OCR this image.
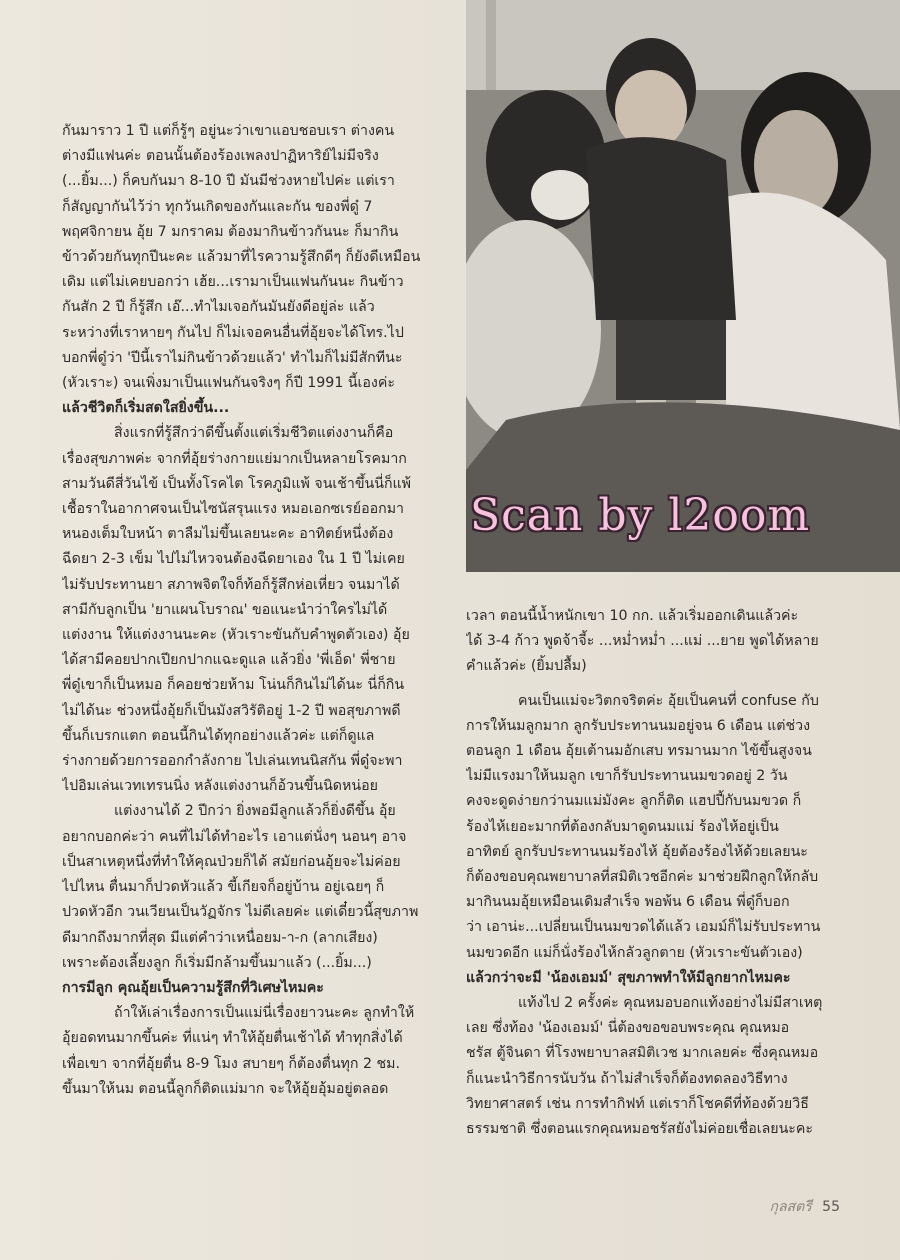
กันมาราว 1 ปี แต่ก็รู้ๆ อยู่นะว่าเขาแอบชอบเรา ต่างคน
ต่างมีแฟนค่ะ ตอนนั้นต้องร้องเพลงปาฏิหาริย์ไม่มีจริง
(...ยิ้ม...) ก็คบกันมา 8-10 ปี มันมีช่วงหายไปค่ะ แต่เรา
ก็สัญญากันไว้ว่า ทุกวันเกิดของกันและกัน ของพี่ดู๋ 7
พฤศจิกายน อุ้ย 7 มกราคม ต้องมากินข้าวกันนะ ก็มากิน
ข้าวด้วยกันทุกปีนะคะ แล้วมาที่ไรความรู้สึกดีๆ ก็ยังดีเหมือน
เดิม แต่ไม่เคยบอกว่า เฮ้ย...เรามาเป็นแฟนกันนะ กินข้าว
กันสัก 2 ปี ก็รู้สึก เอ๊...ทำไมเจอกันมันยังดีอยู่ล่ะ แล้ว
ระหว่างที่เราหายๆ กันไป ก็ไม่เจอคนอื่นที่อุ้ยจะได้โทร.ไป
บอกพี่ดู๋ว่า 'ปีนี้เราไม่กินข้าวด้วยแล้ว' ทำไมก็ไม่มีสักทีนะ
(หัวเราะ) จนเพิ่งมาเป็นแฟนกันจริงๆ ก็ปี 1991 นี้เองค่ะ

แล้วชีวิตก็เริ่มสดใสยิ่งขึ้น...

สิ่งแรกที่รู้สึกว่าดีขึ้นตั้งแต่เริ่มชีวิตแต่งงานก็คือ
เรื่องสุขภาพค่ะ จากที่อุ้ยร่างกายแย่มากเป็นหลายโรคมาก
สามวันดีสี่วันไข้ เป็นทั้งโรคไต โรคภูมิแพ้ จนเช้าขึ้นนี่ก็แพ้
เชื้อราในอากาศจนเป็นไซนัสรุนแรง หมอเอกซเรย์ออกมา
หนองเต็มใบหน้า ตาลืมไม่ขึ้นเลยนะคะ อาทิตย์หนึ่งต้อง
ฉีดยา 2-3 เข็ม ไปไม่ไหวจนต้องฉีดยาเอง ใน 1 ปี ไม่เคย
ไม่รับประทานยา สภาพจิตใจก็ท้อก็รู้สึกห่อเหี่ยว จนมาได้
สามีกับลูกเป็น 'ยาแผนโบราณ' ขอแนะนำว่าใครไม่ได้
แต่งงาน ให้แต่งงานนะคะ (หัวเราะขันกับคำพูดตัวเอง) อุ้ย
ได้สามีคอยปากเปียกปากแฉะดูแล แล้วยิ่ง 'พี่เอ็ด' พี่ชาย
พี่ดู๋เขาก็เป็นหมอ ก็คอยช่วยห้าม โน่นก็กินไม่ได้นะ นี่ก็กิน
ไม่ได้นะ ช่วงหนึ่งอุ้ยก็เป็นมังสวิรัติอยู่ 1-2 ปี พอสุขภาพดี
ขึ้นก็เบรกแตก ตอนนี้กินได้ทุกอย่างแล้วค่ะ แต่ก็ดูแล
ร่างกายด้วยการออกกำลังกาย ไปเล่นเทนนิสกัน พี่ดู๋จะพา
ไปอิมเล่นเวทเทรนนิ่ง หลังแต่งงานก็อ้วนขึ้นนิดหน่อย

แต่งงานได้ 2 ปีกว่า ยิ่งพอมีลูกแล้วก็ยิ่งดีขึ้น อุ้ย
อยากบอกค่ะว่า คนที่ไม่ได้ทำอะไร เอาแต่นั่งๆ นอนๆ อาจ
เป็นสาเหตุหนึ่งที่ทำให้คุณป่วยก็ได้ สมัยก่อนอุ้ยจะไม่ค่อย
ไปไหน ตื่นมาก็ปวดหัวแล้ว ขี้เกียจก็อยู่บ้าน อยู่เฉยๆ ก็
ปวดหัวอีก วนเวียนเป็นวัฏจักร ไม่ดีเลยค่ะ แต่เดี๋ยวนี้สุขภาพ
ดีมากถึงมากที่สุด มีแต่คำว่าเหนื่อยม-า-ก (ลากเสียง)
เพราะต้องเลี้ยงลูก ก็เริ่มมีกล้ามขึ้นมาแล้ว (...ยิ้ม...)

การมีลูก คุณอุ้ยเป็นความรู้สึกที่วิเศษไหมคะ

ถ้าให้เล่าเรื่องการเป็นแม่นี่เรื่องยาวนะคะ ลูกทำให้
อุ้ยอดทนมากขึ้นค่ะ ที่แน่ๆ ทำให้อุ้ยตื่นเช้าได้ ทำทุกสิ่งได้
เพื่อเขา จากที่อุ้ยตื่น 8-9 โมง สบายๆ ก็ต้องตื่นทุก 2 ชม.
ขึ้นมาให้นม ตอนนี้ลูกก็ติดแม่มาก จะให้อุ้ยอุ้มอยู่ตลอด

Scan by l2oom

เวลา ตอนนี้น้ำหนักเขา 10 กก. แล้วเริ่มออกเดินแล้วค่ะ
ได้ 3-4 ก้าว พูดจ้าจี้ะ ...หม่ำหม่ำ ...แม่ ...ยาย พูดได้หลาย
คำแล้วค่ะ (ยิ้มปลื้ม)

คนเป็นแม่จะวิตกจริตค่ะ อุ้ยเป็นคนที่ confuse กับ
การให้นมลูกมาก ลูกรับประทานนมอยู่จน 6 เดือน แต่ช่วง
ตอนลูก 1 เดือน อุ้ยเต้านมอักเสบ ทรมานมาก ไข้ขึ้นสูงจน
ไม่มีแรงมาให้นมลูก เขาก็รับประทานนมขวดอยู่ 2 วัน
คงจะดูดง่ายกว่านมแม่มังคะ ลูกก็ติด แฮปปี้กับนมขวด ก็
ร้องไห้เยอะมากที่ต้องกลับมาดูดนมแม่ ร้องไห้อยู่เป็น
อาทิตย์ ลูกรับประทานนมร้องไห้ อุ้ยต้องร้องไห้ด้วยเลยนะ
ก็ต้องขอบคุณพยาบาลที่สมิติเวชอีกค่ะ มาช่วยฝึกลูกให้กลับ
มากินนมอุ้ยเหมือนเดิมสำเร็จ พอพ้น 6 เดือน พี่ดู๋ก็บอก
ว่า เอาน่ะ...เปลี่ยนเป็นนมขวดได้แล้ว เอมม์ก็ไม่รับประทาน
นมขวดอีก แม่ก็นั่งร้องไห้กลัวลูกตาย (หัวเราะขันตัวเอง)

แล้วกว่าจะมี 'น้องเอมม์' สุขภาพทำให้มีลูกยากไหมคะ

แท้งไป 2 ครั้งค่ะ คุณหมอบอกแท้งอย่างไม่มีสาเหตุ
เลย ซึ่งท้อง 'น้องเอมม์' นี่ต้องขอขอบพระคุณ คุณหมอ
ชรัส ตู้จินดา ที่โรงพยาบาลสมิติเวช มากเลยค่ะ ซึ่งคุณหมอ
ก็แนะนำวิธีการนับวัน ถ้าไม่สำเร็จก็ต้องทดลองวิธีทาง
วิทยาศาสตร์ เช่น การทำกิฟท์ แต่เราก็โชคดีที่ท้องด้วยวิธี
ธรรมชาติ ซึ่งตอนแรกคุณหมอชรัสยังไม่ค่อยเชื่อเลยนะคะ

กุลสตรี 55
